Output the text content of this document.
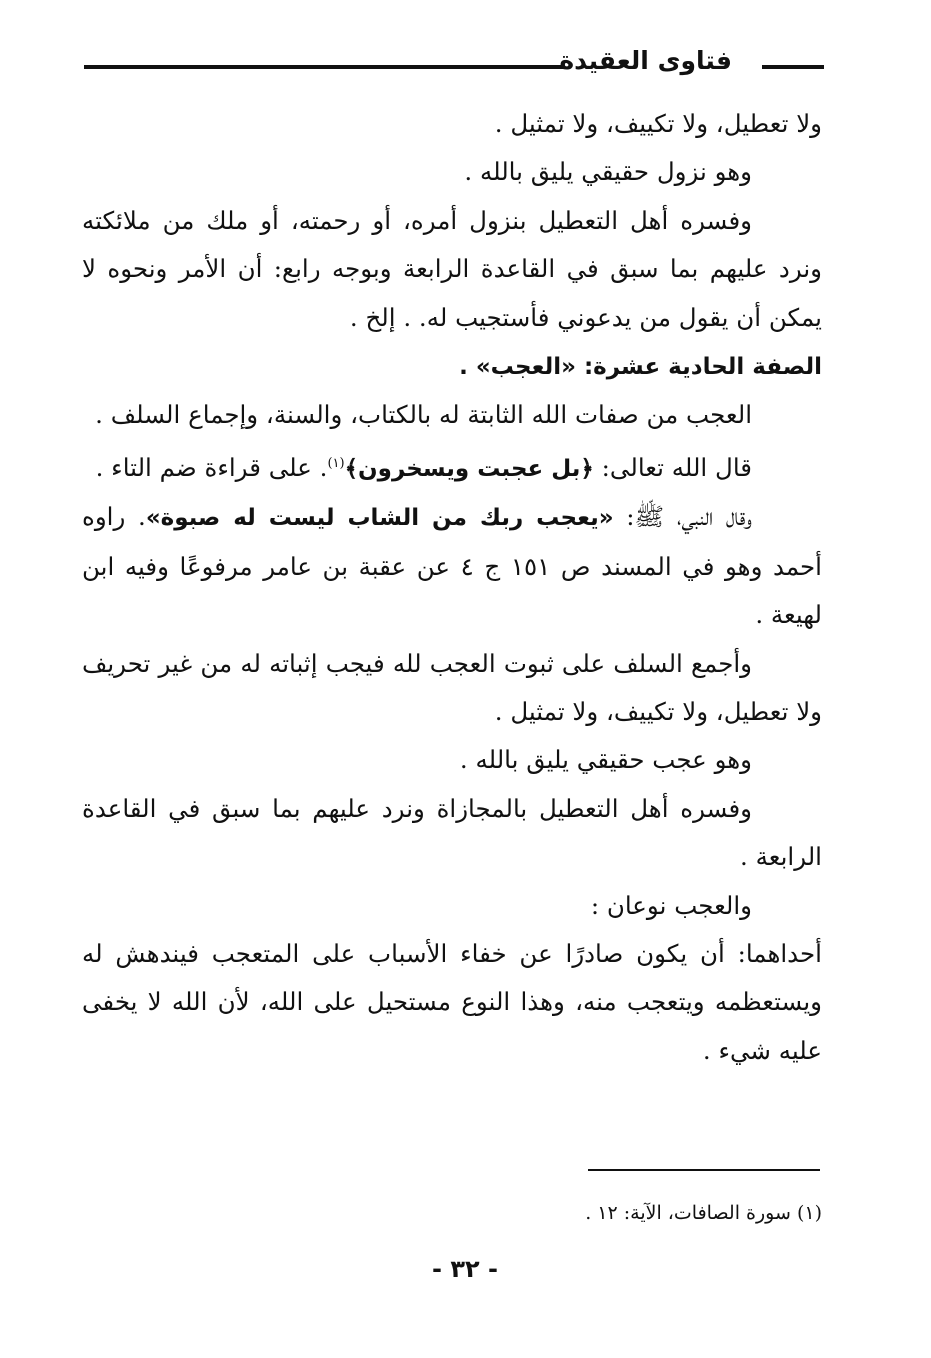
فتاوى العقيدة

ولا تعطيل، ولا تكييف، ولا تمثيل .

وهو نزول حقيقي يليق بالله .

وفسره أهل التعطيل بنزول أمره، أو رحمته، أو ملك من ملائكته ونرد عليهم بما سبق في القاعدة الرابعة وبوجه رابع: أن الأمر ونحوه لا يمكن أن يقول من يدعوني فأستجيب له. . إلخ .

الصفة الحادية عشرة: «العجب» .

العجب من صفات الله الثابتة له بالكتاب، والسنة، وإجماع السلف .

قال الله تعالى: ﴿بل عجبت ويسخرون﴾$^{(١)}$. على قراءة ضم التاء .

وقال النبي، ﷺ: «يعجب ربك من الشاب ليست له صبوة». راوه أحمد وهو في المسند ص ١٥١ ج ٤ عن عقبة بن عامر مرفوعًا وفيه ابن لهيعة .

وأجمع السلف على ثبوت العجب لله فيجب إثباته له من غير تحريف ولا تعطيل، ولا تكييف، ولا تمثيل .

وهو عجب حقيقي يليق بالله .

وفسره أهل التعطيل بالمجازاة ونرد عليهم بما سبق في القاعدة الرابعة .

والعجب نوعان :

أحداهما: أن يكون صادرًا عن خفاء الأسباب على المتعجب فيندهش له ويستعظمه ويتعجب منه، وهذا النوع مستحيل على الله، لأن الله لا يخفى عليه شيء .

(١) سورة الصافات، الآية: ١٢ .
- ٣٢ -
